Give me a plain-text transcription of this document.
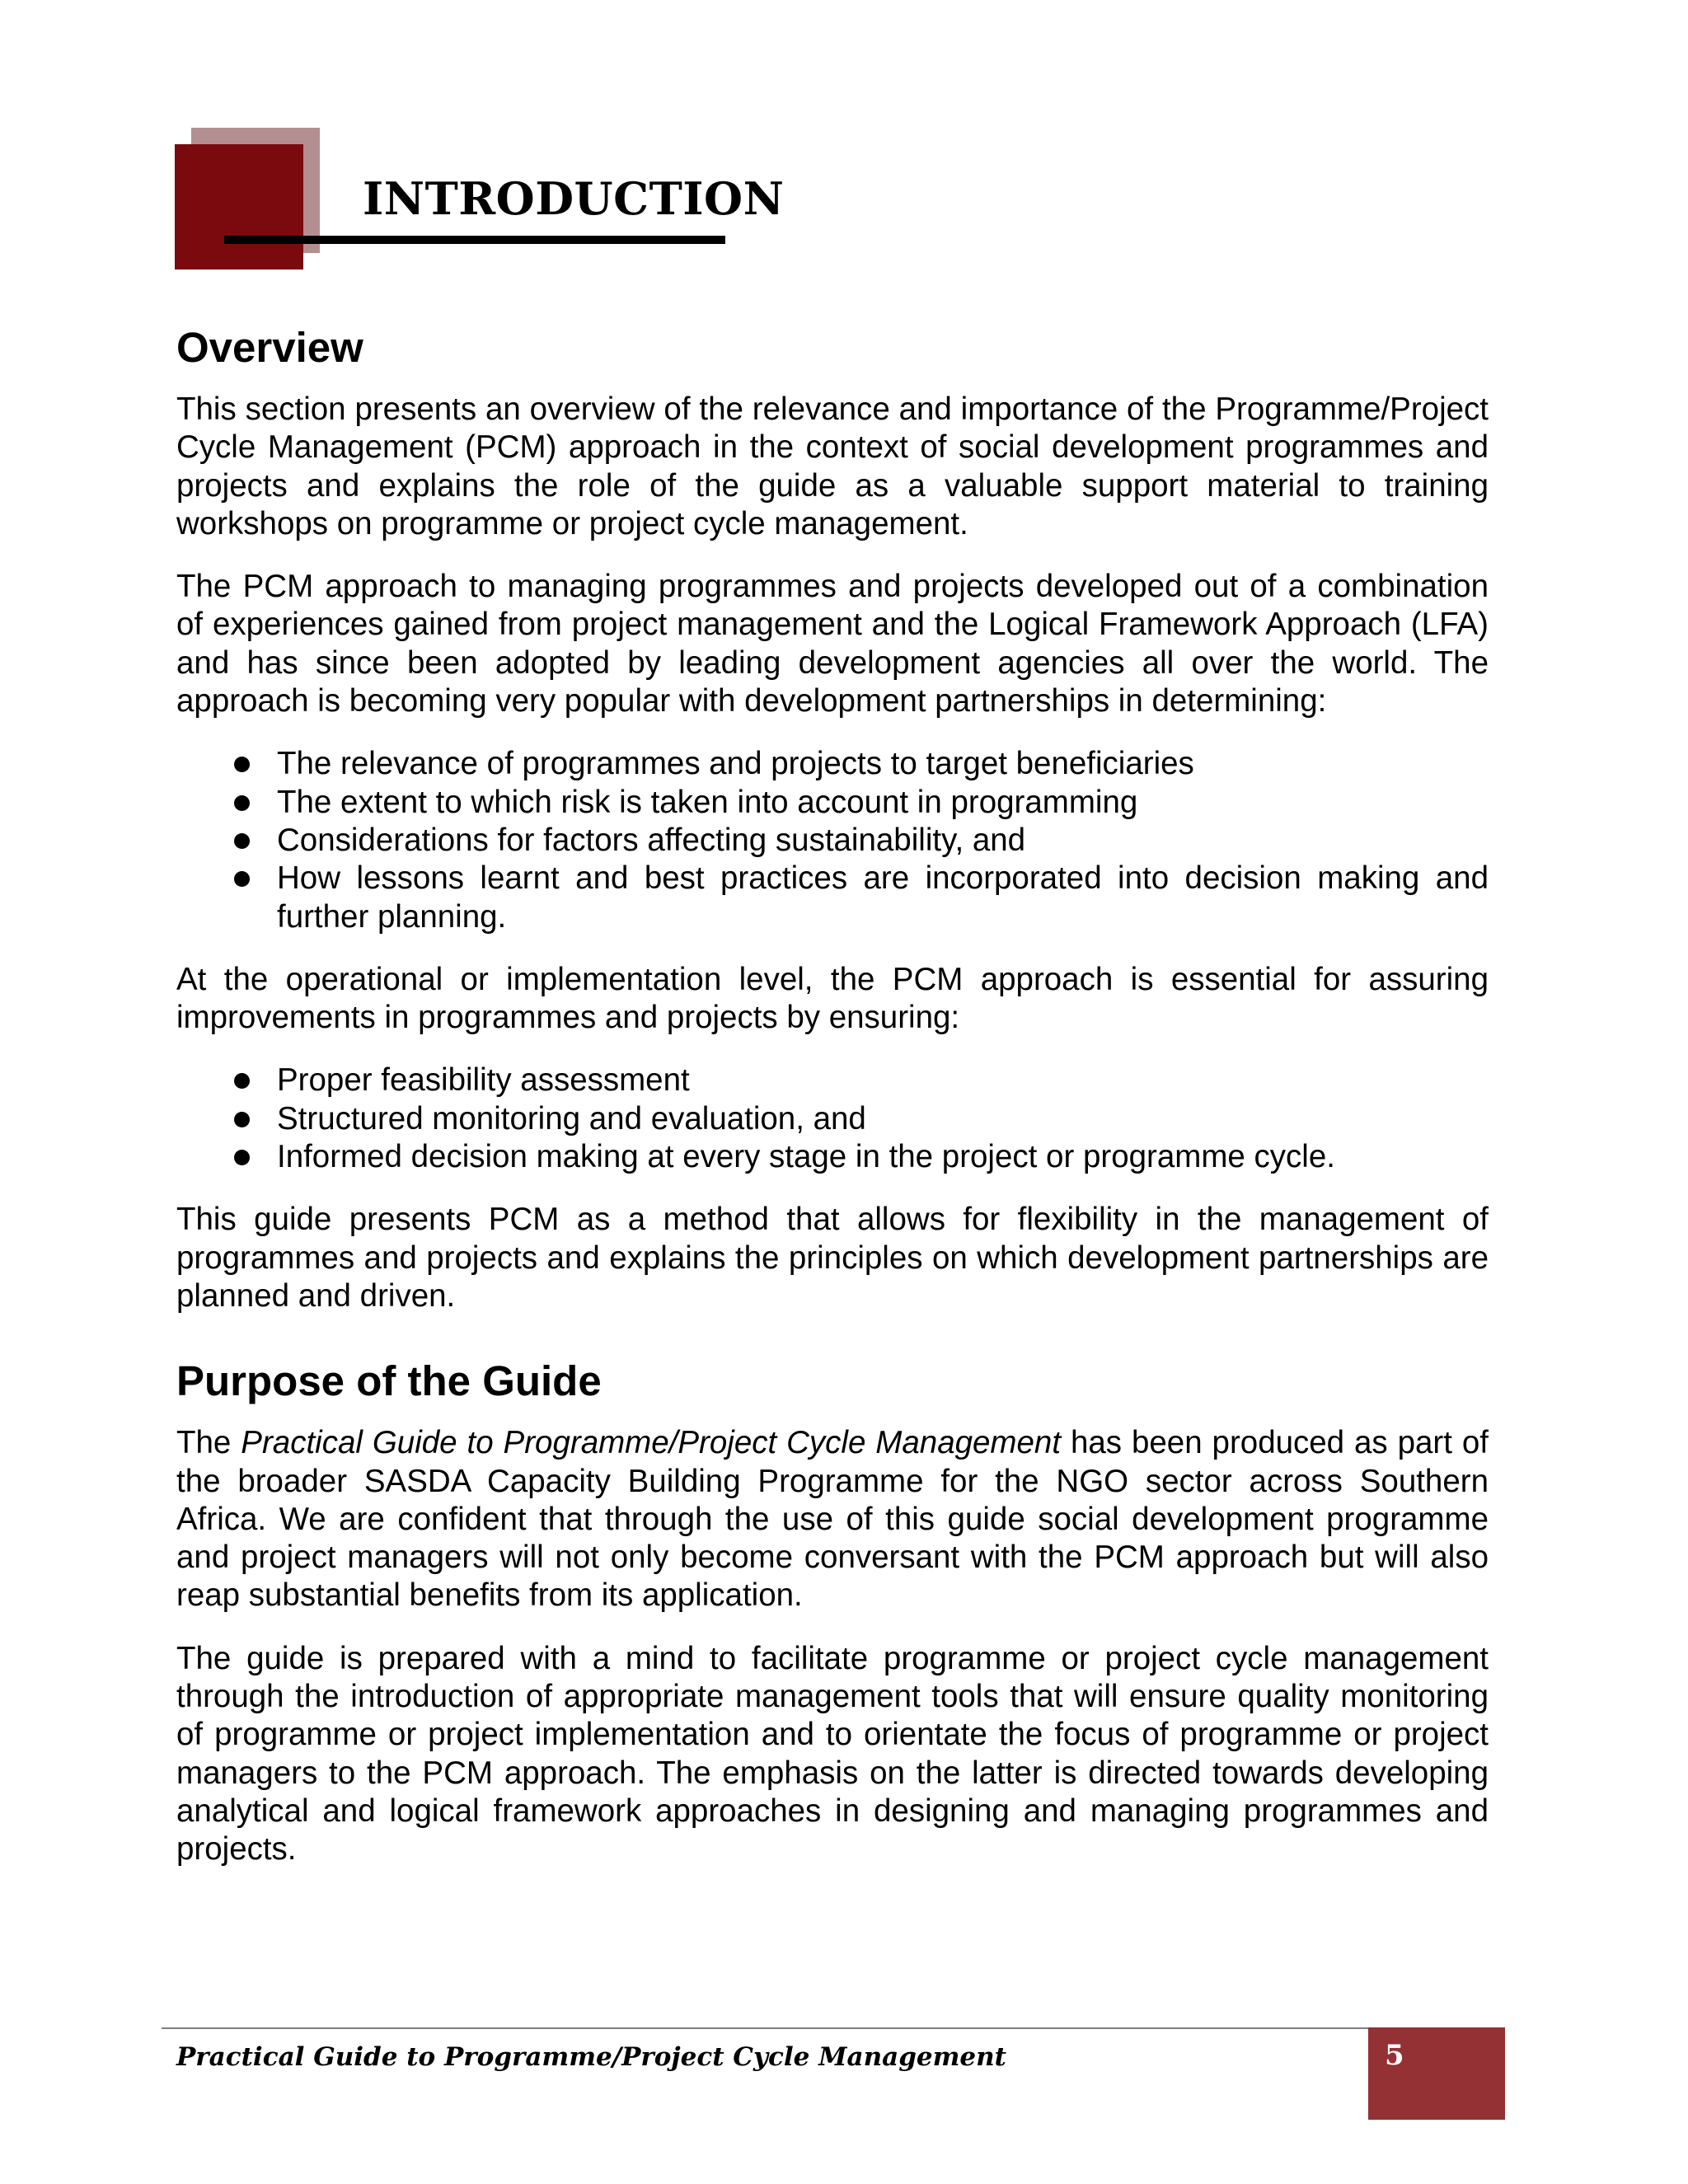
INTRODUCTION
Overview

This section presents an overview of the relevance and importance of the Programme/Project Cycle Management (PCM) approach in the context of social development programmes and projects and explains the role of the guide as a valuable support material to training workshops on programme or project cycle management.

The PCM approach to managing programmes and projects developed out of a combination of experiences gained from project management and the Logical Framework Approach (LFA) and has since been adopted by leading development agencies all over the world. The approach is becoming very popular with development partnerships in determining:

The relevance of programmes and projects to target beneficiaries
The extent to which risk is taken into account in programming
Considerations for factors affecting sustainability, and
How lessons learnt and best practices are incorporated into decision making and further planning.

At the operational or implementation level, the PCM approach is essential for assuring improvements in programmes and projects by ensuring:

Proper feasibility assessment
Structured monitoring and evaluation, and
Informed decision making at every stage in the project or programme cycle.

This guide presents PCM as a method that allows for flexibility in the management of programmes and projects and explains the principles on which development partnerships are planned and driven.

Purpose of the Guide

The Practical Guide to Programme/Project Cycle Management has been produced as part of the broader SASDA Capacity Building Programme for the NGO sector across Southern Africa. We are confident that through the use of this guide social development programme and project managers will not only become conversant with the PCM approach but will also reap substantial benefits from its application.

The guide is prepared with a mind to facilitate programme or project cycle management through the introduction of appropriate management tools that will ensure quality monitoring of programme or project implementation and to orientate the focus of programme or project managers to the PCM approach. The emphasis on the latter is directed towards developing analytical and logical framework approaches in designing and managing programmes and projects.

Practical Guide to Programme/Project Cycle Management	5
